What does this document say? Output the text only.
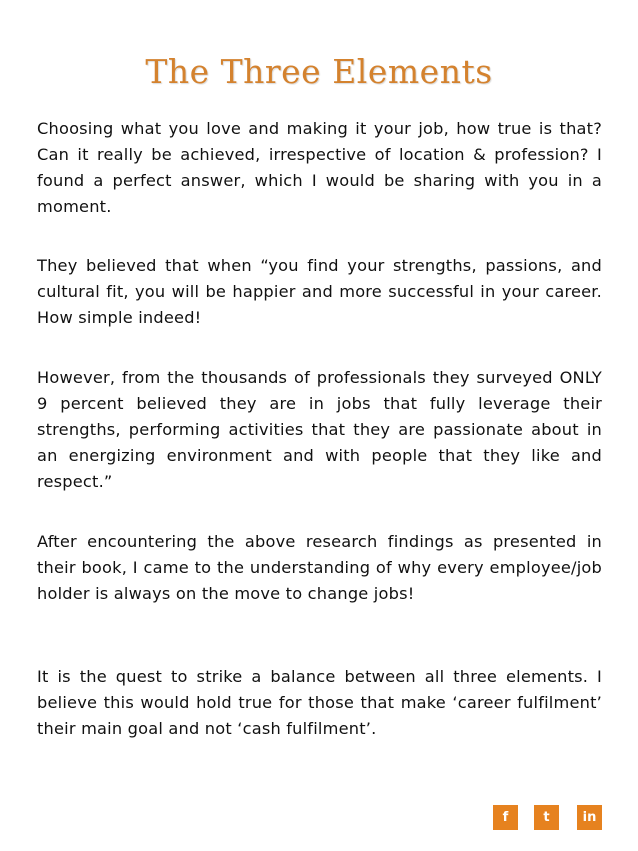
The Three Elements

Choosing what you love and making it your job, how true is that? Can it really be achieved, irrespective of location & profession? I found a perfect answer, which I would be sharing with you in a moment.

They believed that when “you find your strengths, passions, and cultural fit, you will be happier and more successful in your career. How simple indeed!

However, from the thousands of professionals they surveyed ONLY 9 percent believed they are in jobs that fully leverage their strengths, performing activities that they are passionate about in an energizing environment and with people that they like and respect.”

After encountering the above research findings as presented in their book, I came to the understanding of why every employee/job holder is always on the move to change jobs!

It is the quest to strike a balance between all three elements. I believe this would hold true for those that make ‘career fulfilment’ their main goal and not ‘cash fulfilment’.

f	t	in
